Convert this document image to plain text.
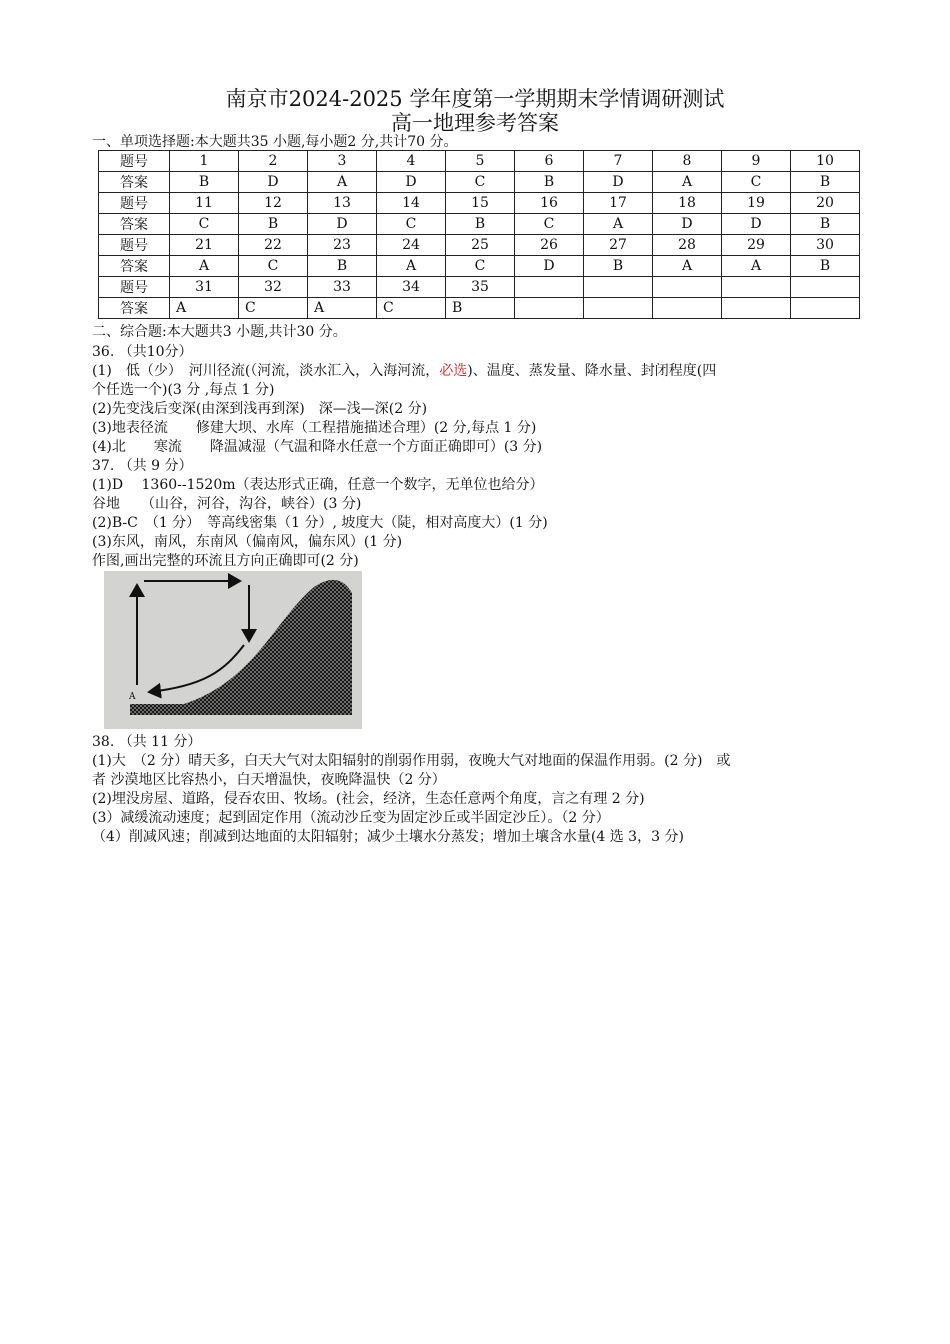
南京市2024-2025 学年度第一学期期末学情调研测试
高一地理参考答案
一、单项选择题:本大题共35 小题,每小题2 分,共计70 分。
题号	1	2	3	4	5	6	7	8	9	10
答案	B	D	A	D	C	B	D	A	C	B
题号	11	12	13	14	15	16	17	18	19	20
答案	C	B	D	C	B	C	A	D	D	B
题号	21	22	23	24	25	26	27	28	29	30
答案	A	C	B	A	C	D	B	A	A	B
题号	31	32	33	34	35					
答案	A	C	A	C	B					
二、综合题:本大题共3 小题,共计30 分。
36. （共10分）
(1)　低（少）　河川径流(（河流，淡水汇入，入海河流，必选)、温度、蒸发量、降水量、封闭程度(四
个任选一个)(3 分 ,每点 1 分)
(2)先变浅后变深(由深到浅再到深)　深—浅—深(2 分)
(3)地表径流　　修建大坝、水库（工程措施描述合理）(2 分,每点 1 分)
(4)北　　寒流　　降温减湿（气温和降水任意一个方面正确即可）(3 分)
37. （共 9 分）
(1)D　 1360--1520m（表达形式正确，任意一个数字，无单位也给分）
谷地　　（山谷，河谷，沟谷，峡谷）(3 分)
(2)B-C　（1 分）　等高线密集（1 分）, 坡度大（陡，相对高度大）(1 分)
(3)东风，南风，东南风（偏南风，偏东风）(1 分)
作图,画出完整的环流且方向正确即可(2 分)
A
38. （共 11 分）
(1)大　（2 分）晴天多，白天大气对太阳辐射的削弱作用弱，夜晚大气对地面的保温作用弱。(2 分)　或
者 沙漠地区比容热小，白天增温快，夜晚降温快（2 分）
(2)埋没房屋、道路，侵吞农田、牧场。(社会，经济，生态任意两个角度，言之有理 2 分)
(3）减缓流动速度；起到固定作用（流动沙丘变为固定沙丘或半固定沙丘）。（2 分）
（4）削减风速；削减到达地面的太阳辐射；减少土壤水分蒸发；增加土壤含水量(4 选 3，3 分)
